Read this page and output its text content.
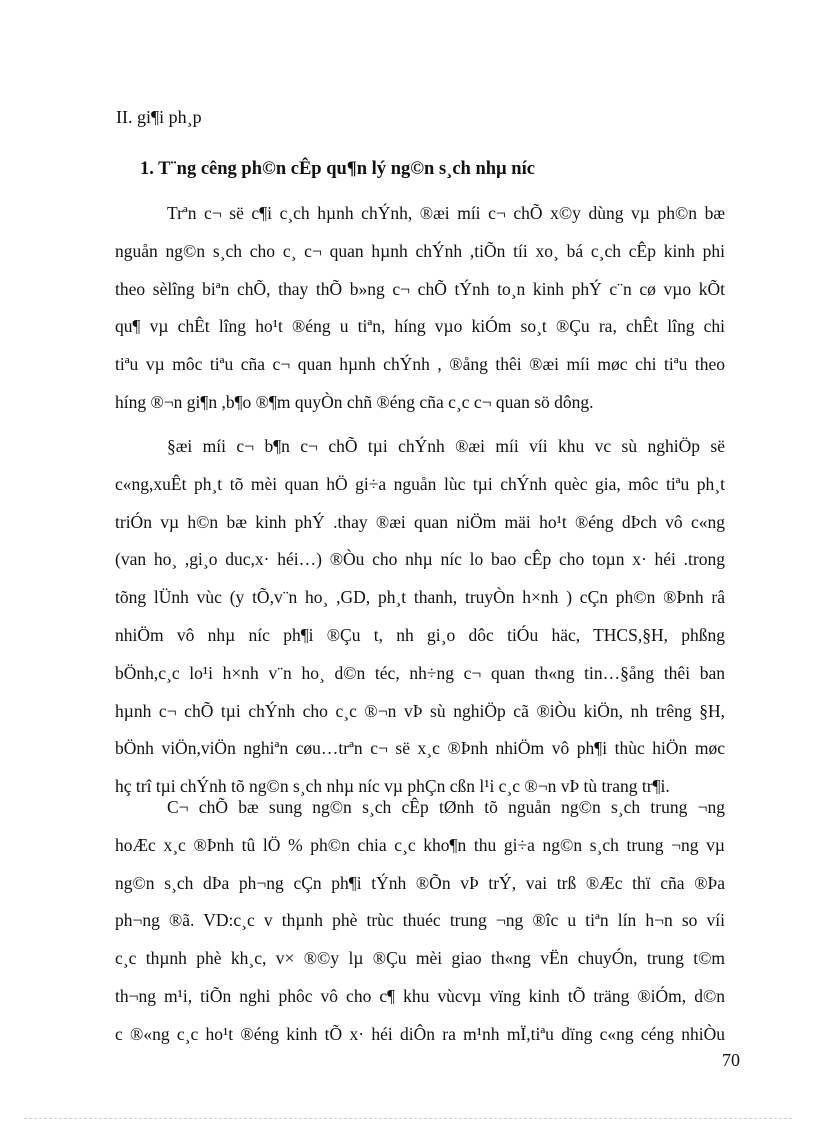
II. gi¶i ph¸p
1. T¨ng cêng ph©n cÊp qu¶n lý ng©n s¸ch nhµ níc

Trªn c¬ së c¶i c¸ch hµnh chÝnh, ®æi míi c¬ chÕ x©y dùng vµ ph©n bæ
nguån ng©n s¸ch cho c¸ c¬ quan hµnh chÝnh ,tiÕn tíi xo¸ bá c¸ch cÊp kinh phi
theo sèlîng biªn chÕ, thay thÕ b»ng c¬ chÕ tÝnh to¸n kinh phÝ c¨n cø vµo kÕt
qu¶ vµ chÊt lîng ho¹t ®éng u tiªn, híng vµo kiÓm so¸t ®Çu ra, chÊt lîng chi
tiªu vµ môc tiªu cña c¬ quan hµnh chÝnh , ®ång thêi ®æi míi møc chi tiªu theo
híng ®¬n gi¶n ,b¶o ®¶m quyÒn chñ ®éng cña c¸c c¬ quan sö dông.

§æi míi c¬ b¶n c¬ chÕ tµi chÝnh ®æi míi víi khu vc sù nghiÖp së
c«ng,xuÊt ph¸t tõ mèi quan hÖ gi÷a nguån lùc tµi chÝnh quèc gia, môc tiªu ph¸t
triÓn vµ h©n bæ kinh phÝ .thay ®æi quan niÖm mäi ho¹t ®éng dÞch vô c«ng
(van ho¸ ,gi¸o duc,x· héi…) ®Òu cho nhµ níc lo bao cÊp cho toµn x· héi .trong
tõng lÜnh vùc (y tÕ,v¨n ho¸ ,GD, ph¸t thanh, truyÒn h×nh ) cÇn ph©n ®Þnh râ
nhiÖm vô nhµ níc ph¶i ®Çu t, nh gi¸o dôc tiÓu häc, THCS,§H, phßng
bÖnh,c¸c lo¹i h×nh v¨n ho¸ d©n téc, nh÷ng c¬ quan th«ng tin…§ång thêi ban
hµnh c¬ chÕ tµi chÝnh cho c¸c ®¬n vÞ sù nghiÖp cã ®iÒu kiÖn, nh trêng §H,
bÖnh viÖn,viÖn nghiªn cøu…trªn c¬ së x¸c ®Þnh nhiÖm vô ph¶i thùc hiÖn møc
hç trî tµi chÝnh tõ ng©n s¸ch nhµ níc vµ phÇn cßn l¹i c¸c ®¬n vÞ tù trang tr¶i.

C¬ chÕ bæ sung ng©n s¸ch cÊp tØnh tõ nguån ng©n s¸ch trung ¬ng
hoÆc x¸c ®Þnh tû lÖ % ph©n chia c¸c kho¶n thu gi÷a ng©n s¸ch trung ¬ng vµ
ng©n s¸ch dÞa ph¬ng cÇn ph¶i tÝnh ®Õn vÞ trÝ, vai trß ®Æc thï cña ®Þa
ph¬ng ®ã. VD:c¸c v thµnh phè trùc thuéc trung ¬ng ®îc u tiªn lín h¬n so víi
c¸c thµnh phè kh¸c, v× ®©y lµ ®Çu mèi giao th«ng vËn chuyÓn, trung t©m
th¬ng m¹i, tiÕn nghi phôc vô cho c¶ khu vùcvµ vïng kinh tÕ träng ®iÓm, d©n
c ®«ng c¸c ho¹t ®éng kinh tÕ x· héi diÔn ra m¹nh mÏ,tiªu dïng c«ng céng nhiÒu

70
